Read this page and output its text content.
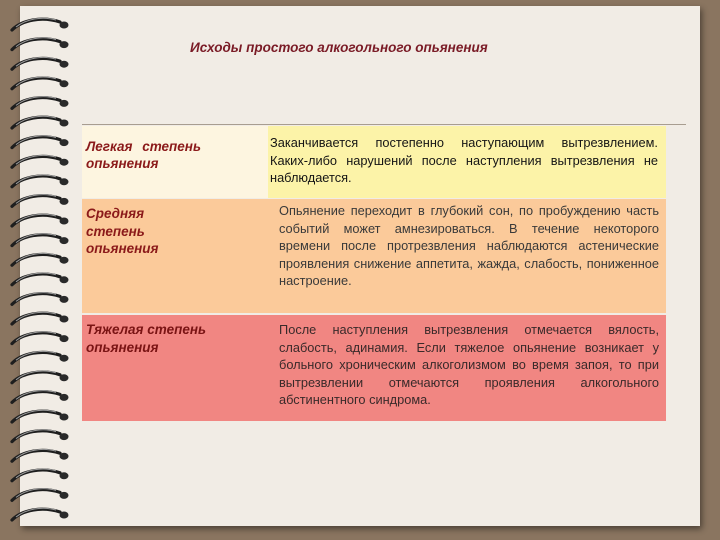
Исходы простого алкогольного опьянения
Легкая степень опьянения
Заканчивается постепенно наступающим вытрезвлением. Каких-либо нарушений после наступления вытрезвления не наблюдается.
Средняя степень опьянения
Опьянение переходит в глубокий сон, по пробуждению часть событий может амнезироваться. В течение некоторого времени после протрезвления наблюдаются астенические проявления снижение аппетита, жажда, слабость, пониженное настроение.
Тяжелая степень опьянения
После наступления вытрезвления отмечается вялость, слабость, адинамия. Если тяжелое опьянение возникает у больного хроническим алкоголизмом во время запоя, то при вытрезвлении отмечаются проявления алкогольного абстинентного синдрома.
